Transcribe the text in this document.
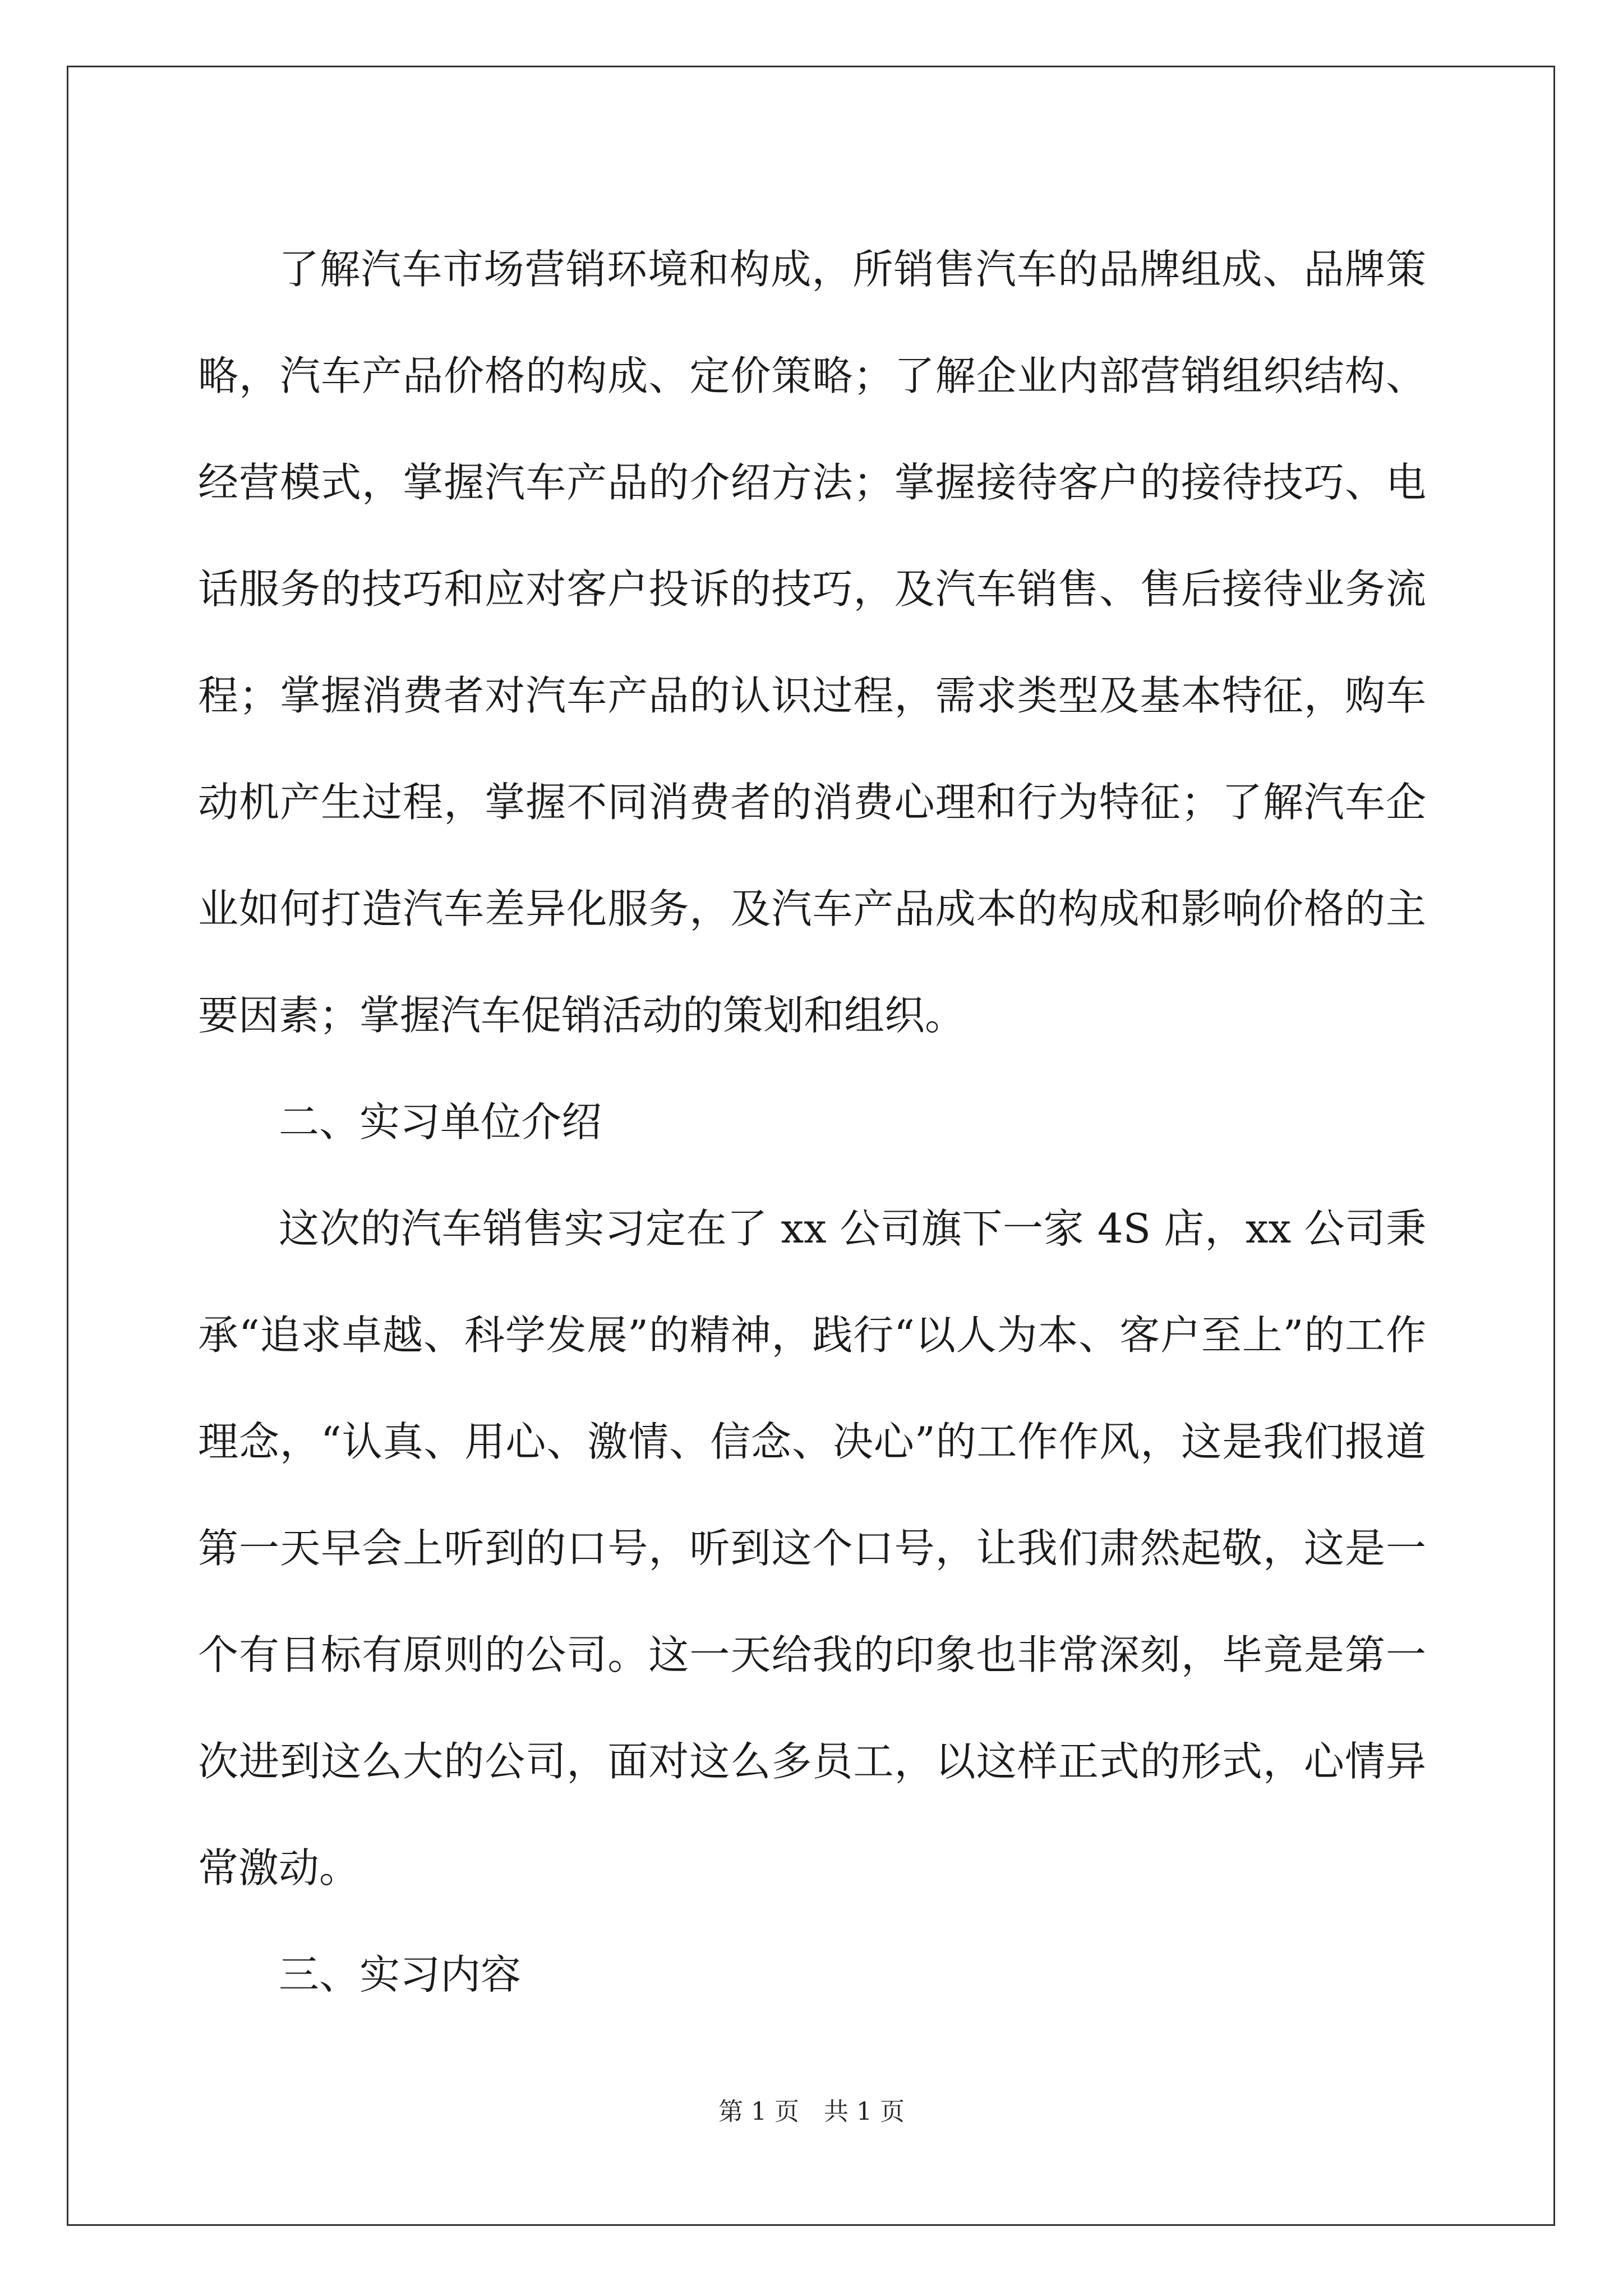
了解汽车市场营销环境和构成，所销售汽车的品牌组成、品牌策略，汽车产品价格的构成、定价策略；了解企业内部营销组织结构、经营模式，掌握汽车产品的介绍方法；掌握接待客户的接待技巧、电话服务的技巧和应对客户投诉的技巧，及汽车销售、售后接待业务流程；掌握消费者对汽车产品的认识过程，需求类型及基本特征，购车动机产生过程，掌握不同消费者的消费心理和行为特征；了解汽车企业如何打造汽车差异化服务，及汽车产品成本的构成和影响价格的主要因素；掌握汽车促销活动的策划和组织。

二、实习单位介绍

这次的汽车销售实习定在了 xx 公司旗下一家 4S 店，xx 公司秉承“追求卓越、科学发展”的精神，践行“以人为本、客户至上”的工作理念，“认真、用心、激情、信念、决心”的工作作风，这是我们报道第一天早会上听到的口号，听到这个口号，让我们肃然起敬，这是一个有目标有原则的公司。这一天给我的印象也非常深刻，毕竟是第一次进到这么大的公司，面对这么多员工，以这样正式的形式，心情异常激动。

三、实习内容

第 1 页　共 1 页
